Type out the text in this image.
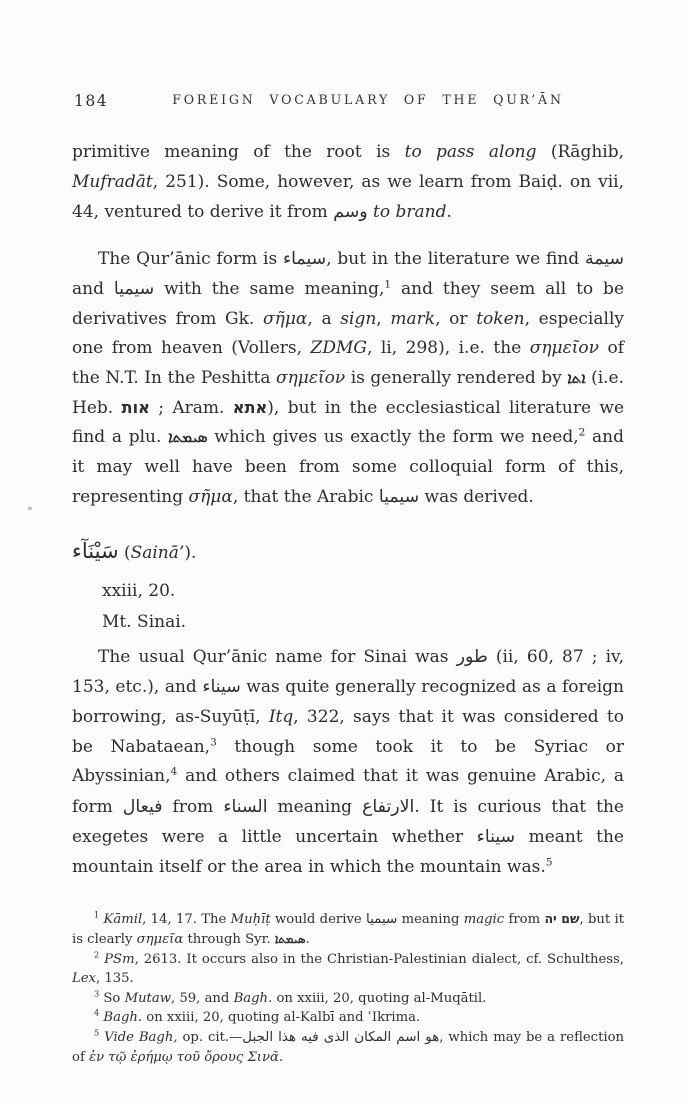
184	FOREIGN VOCABULARY OF THE QUR’ĀN

primitive meaning of the root is to pass along (Rāghib, Mufradāt, 251). Some, however, as we learn from Baiḍ. on vii, 44, ventured to derive it from وسم to brand.

The Qur’ānic form is سيماء, but in the literature we find سيمة and سيميا with the same meaning,$^1$ and they seem all to be derivatives from Gk. σῆμα, a sign, mark, or token, especially one from heaven (Vollers, ZDMG, li, 298), i.e. the σημεῖον of the N.T. In the Peshitta σημεῖον is generally rendered by ܐܬܐ (i.e. Heb. אות ; Aram. אתא), but in the ecclesiastical literature we find a plu. ܣܝܡܬܐ which gives us exactly the form we need,$^2$ and it may well have been from some colloquial form of this, representing σῆμα, that the Arabic سيميا was derived.

سَيْنَآء (Sainā’).

xxiii, 20.

Mt. Sinai.

The usual Qur’ānic name for Sinai was طور (ii, 60, 87 ; iv, 153, etc.), and سيناء was quite generally recognized as a foreign borrowing, as-Suyūṭī, Itq, 322, says that it was considered to be Nabataean,$^3$ though some took it to be Syriac or Abyssinian,$^4$ and others claimed that it was genuine Arabic, a form فيعال from السناء meaning الارتفاع. It is curious that the exegetes were a little uncertain whether سيناء meant the mountain itself or the area in which the mountain was.$^5$

$^1$ Kāmil, 14, 17. The Muḥīṭ would derive سيميا meaning magic from שם יה, but it is clearly σημεῖα through Syr. ܣܝܡܬܐ.

$^2$ PSm, 2613. It occurs also in the Christian-Palestinian dialect, cf. Schulthess, Lex, 135.

$^3$ So Mutaw, 59, and Bagh. on xxiii, 20, quoting al-Muqātil.

$^4$ Bagh. on xxiii, 20, quoting al-Kalbī and ʿIkrima.

$^5$ Vide Bagh, op. cit.—هو اسم المكان الذى فيه هذا الجبل, which may be a reflection of ἐν τῷ ἐρήμῳ τοῦ ὄρους Σινᾶ.
